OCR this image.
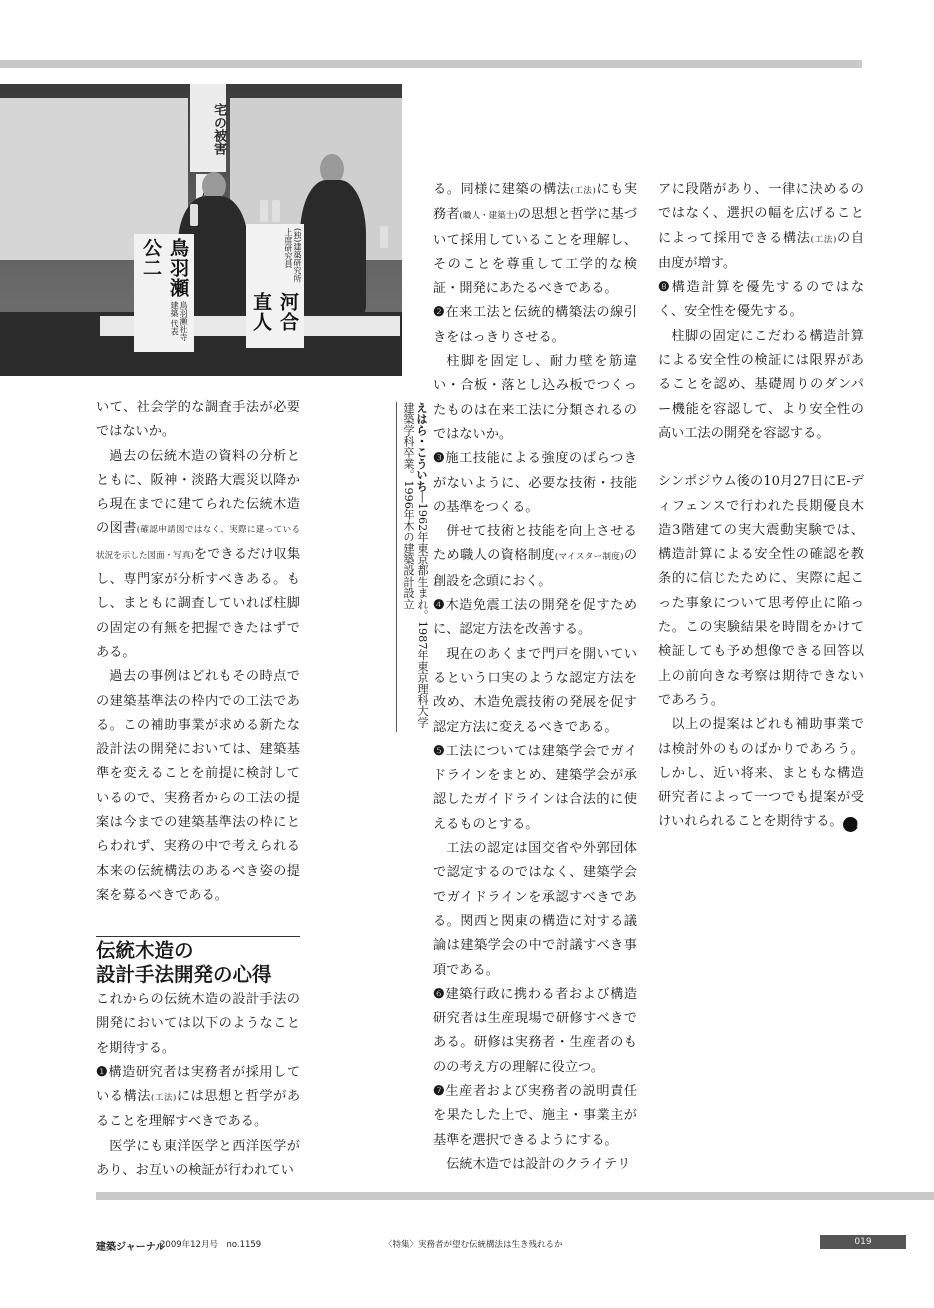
宅の被害
鳥羽瀬公二
鳥羽瀬社寺建築 代表
(独)建築研究所 上席研究員
河合直人

いて、社会学的な調査手法が必要ではないか。

過去の伝統木造の資料の分析とともに、阪神・淡路大震災以降から現在までに建てられた伝統木造の図書(確認申請図ではなく、実際に建っている状況を示した図面・写真)をできるだけ収集し、専門家が分析すべきある。もし、まともに調査していれば柱脚の固定の有無を把握できたはずである。

過去の事例はどれもその時点での建築基準法の枠内での工法である。この補助事業が求める新たな設計法の開発においては、建築基準を変えることを前提に検討しているので、実務者からの工法の提案は今までの建築基準法の枠にとらわれず、実務の中で考えられる本来の伝統構法のあるべき姿の提案を募るべきである。

伝統木造の
設計手法開発の心得

これからの伝統木造の設計手法の開発においては以下のようなことを期待する。

❶構造研究者は実務者が採用している構法(工法)には思想と哲学があることを理解すべきである。

医学にも東洋医学と西洋医学があり、お互いの検証が行われてい

えはら・こういち―1962年東京都生まれ。1987年東京理科大学建築学科卒業。1996年木の建築設計設立

る。同様に建築の構法(工法)にも実務者(職人・建築士)の思想と哲学に基づいて採用していることを理解し、そのことを尊重して工学的な検証・開発にあたるべきである。

❷在来工法と伝統的構築法の線引きをはっきりさせる。

柱脚を固定し、耐力壁を筋違い・合板・落とし込み板でつくったものは在来工法に分類されるのではないか。

❸施工技能による強度のばらつきがないように、必要な技術・技能の基準をつくる。

併せて技術と技能を向上させるため職人の資格制度(マイスター制度)の創設を念頭におく。

❹木造免震工法の開発を促すために、認定方法を改善する。

現在のあくまで門戸を開いているという口実のような認定方法を改め、木造免震技術の発展を促す認定方法に変えるべきである。

❺工法については建築学会でガイドラインをまとめ、建築学会が承認したガイドラインは合法的に使えるものとする。

工法の認定は国交省や外郭団体で認定するのではなく、建築学会でガイドラインを承認すべきである。関西と関東の構造に対する議論は建築学会の中で討議すべき事項である。

❻建築行政に携わる者および構造研究者は生産現場で研修すべきである。研修は実務者・生産者のものの考え方の理解に役立つ。

❼生産者および実務者の説明責任を果たした上で、施主・事業主が基準を選択できるようにする。

伝統木造では設計のクライテリ

アに段階があり、一律に決めるのではなく、選択の幅を広げることによって採用できる構法(工法)の自由度が増す。

❽構造計算を優先するのではなく、安全性を優先する。

柱脚の固定にこだわる構造計算による安全性の検証には限界があることを認め、基礎周りのダンパー機能を容認して、より安全性の高い工法の開発を容認する。

シンポジウム後の10月27日にE-ディフェンスで行われた長期優良木造3階建ての実大震動実験では、構造計算による安全性の確認を教条的に信じたために、実際に起こった事象について思考停止に陥った。この実験結果を時間をかけて検証しても予め想像できる回答以上の前向きな考察は期待できないであろう。

以上の提案はどれも補助事業では検討外のものばかりであろう。しかし、近い将来、まともな構造研究者によって一つでも提案が受けいれられることを期待する。 K

建築ジャーナル
2009年12月号　no.1159	〈特集〉実務者が望む伝統構法は生き残れるか	019
